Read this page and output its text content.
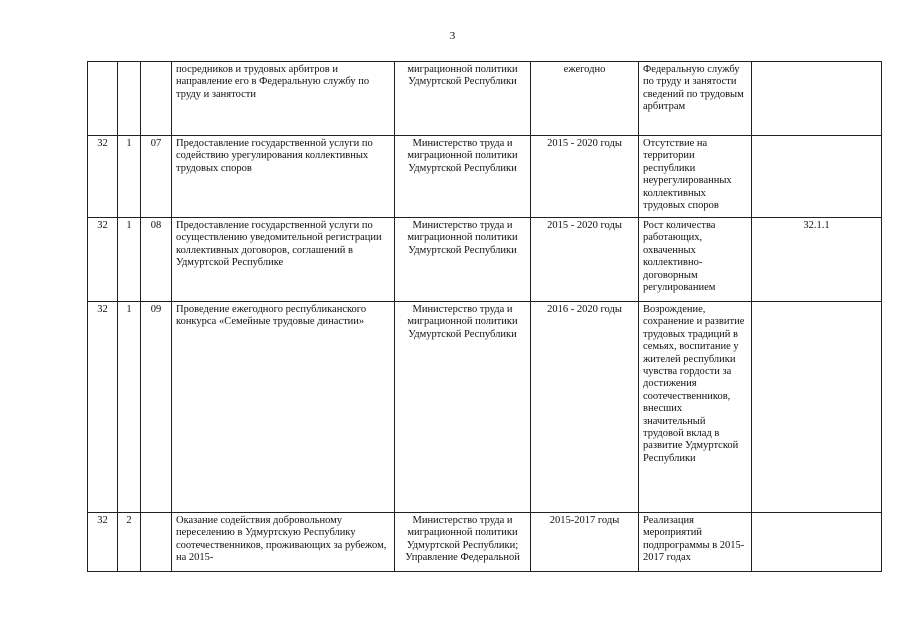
3
			посредников и трудовых арбитров и направление его в Федеральную службу по труду и занятости	миграционной политики Удмуртской Республики	ежегодно	Федеральную службу по труду и занятости сведений по трудовым арбитрам	
32	1	07	Предоставление государственной услуги по содействию урегулирования коллективных трудовых споров	Министерство труда и миграционной политики Удмуртской Республики	2015 - 2020 годы	Отсутствие на территории республики неурегулированных коллективных трудовых споров	
32	1	08	Предоставление государственной услуги по осуществлению уведомительной регистрации коллективных договоров, соглашений в Удмуртской Республике	Министерство труда и миграционной политики Удмуртской Республики	2015 - 2020 годы	Рост количества работающих, охваченных коллективно-договорным регулированием	32.1.1
32	1	09	Проведение ежегодного республиканского конкурса «Семейные трудовые династии»	Министерство труда и миграционной политики Удмуртской Республики	2016 - 2020 годы	Возрождение, сохранение и развитие трудовых традиций в семьях, воспитание у жителей республики чувства гордости за достижения соотечественников, внесших значительный трудовой вклад в развитие Удмуртской Республики	
32	2		Оказание содействия добровольному переселению в Удмуртскую Республику соотечественников, проживающих за рубежом, на 2015-	Министерство труда и миграционной политики Удмуртской Республики; Управление Федеральной	2015-2017 годы	Реализация мероприятий подпрограммы в 2015-2017 годах	
